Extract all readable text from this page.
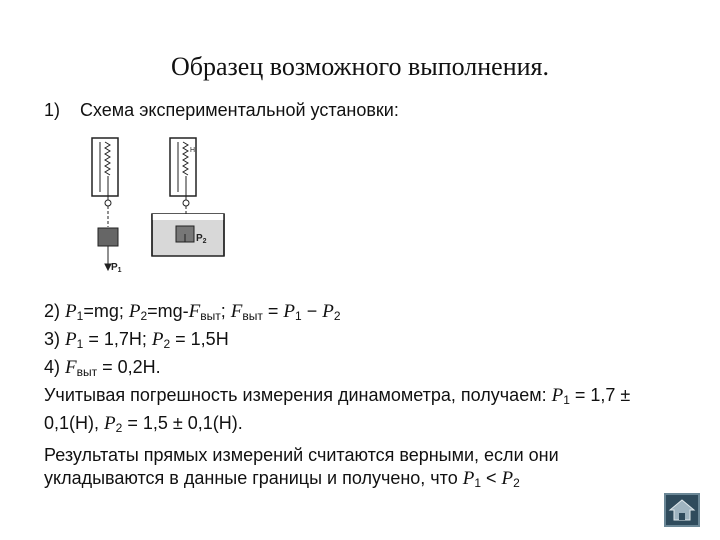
Образец возможного выполнения.
1) Схема экспериментальной установки:
$P_1$
H
$P_2$
2) $P_1=mg$; $P_2=mg-F_{выт}$; $F_{выт} = P_1 - P_2$
3) $P_1 = 1,7Н$; $P_2 = 1,5Н$
4) $F_{выт} = 0,2Н$.
Учитывая погрешность измерения динамометра, получаем: $P_1 = 1,7$ ±
0,1(Н), $P_2 = 1,5 \pm 0,1(Н)$.
Результаты прямых измерений считаются верными, если они
укладываются в данные границы и получено, что $P_1 < P_2$
